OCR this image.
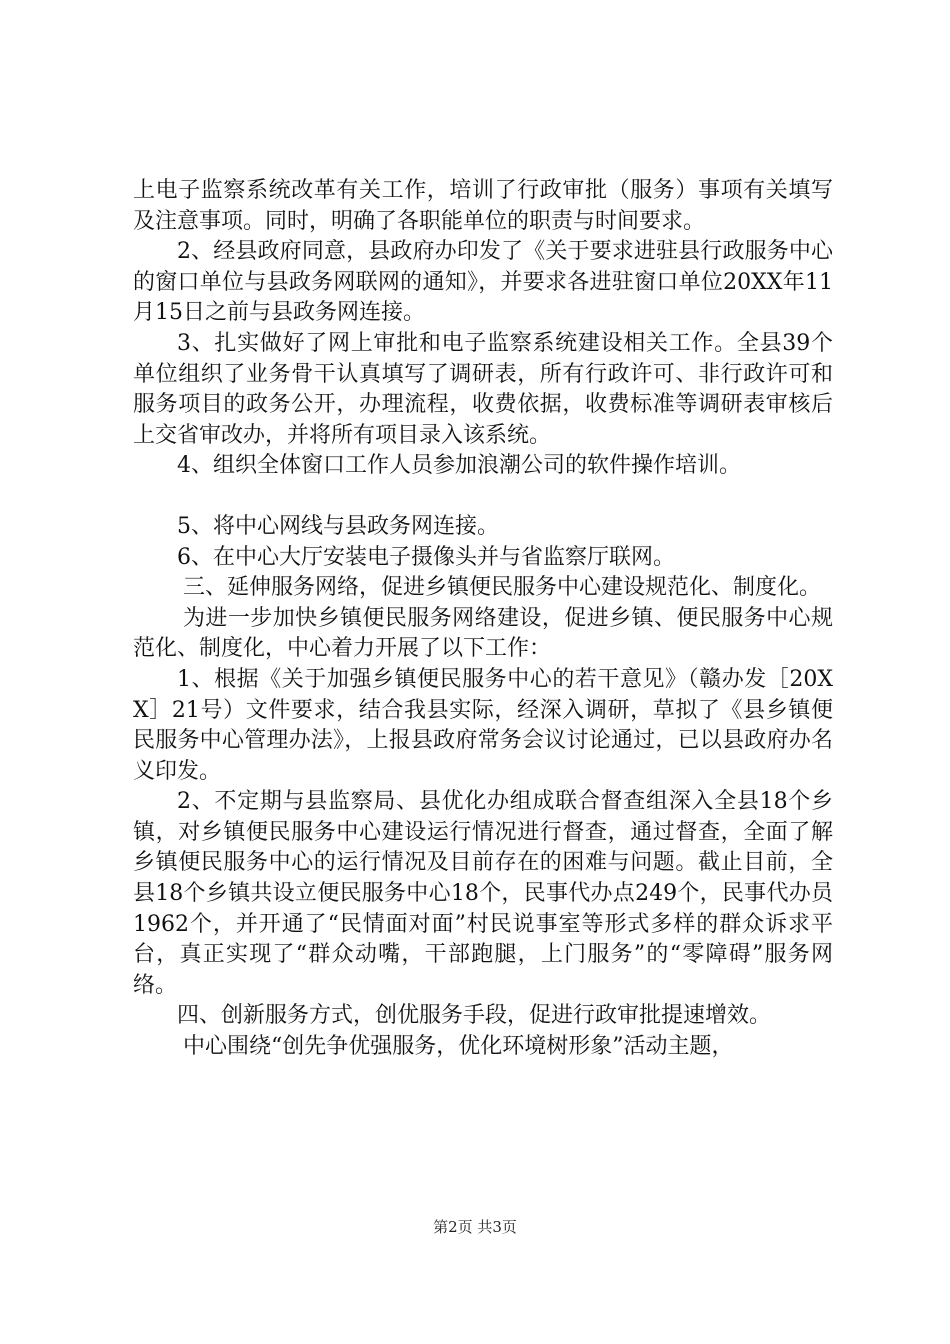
上电子监察系统改革有关工作，培训了行政审批（服务）事项有关填写及注意事项。同时，明确了各职能单位的职责与时间要求。

2、经县政府同意，县政府办印发了《关于要求进驻县行政服务中心的窗口单位与县政务网联网的通知》，并要求各进驻窗口单位20XX年11月15日之前与县政务网连接。

3、扎实做好了网上审批和电子监察系统建设相关工作。全县39个单位组织了业务骨干认真填写了调研表，所有行政许可、非行政许可和服务项目的政务公开，办理流程，收费依据，收费标准等调研表审核后上交省审改办，并将所有项目录入该系统。

4、组织全体窗口工作人员参加浪潮公司的软件操作培训。

5、将中心网线与县政务网连接。

6、在中心大厅安装电子摄像头并与省监察厅联网。

三、延伸服务网络，促进乡镇便民服务中心建设规范化、制度化。

为进一步加快乡镇便民服务网络建设，促进乡镇、便民服务中心规范化、制度化，中心着力开展了以下工作：

1、根据《关于加强乡镇便民服务中心的若干意见》（赣办发［20XX］21号）文件要求，结合我县实际，经深入调研，草拟了《县乡镇便民服务中心管理办法》，上报县政府常务会议讨论通过，已以县政府办名义印发。

2、不定期与县监察局、县优化办组成联合督查组深入全县18个乡镇，对乡镇便民服务中心建设运行情况进行督查，通过督查，全面了解乡镇便民服务中心的运行情况及目前存在的困难与问题。截止目前，全县18个乡镇共设立便民服务中心18个，民事代办点249个，民事代办员1962个，并开通了“民情面对面”村民说事室等形式多样的群众诉求平台，真正实现了“群众动嘴，干部跑腿，上门服务”的“零障碍”服务网络。

四、创新服务方式，创优服务手段，促进行政审批提速增效。

中心围绕“创先争优强服务，优化环境树形象”活动主题，

第2页 共3页
